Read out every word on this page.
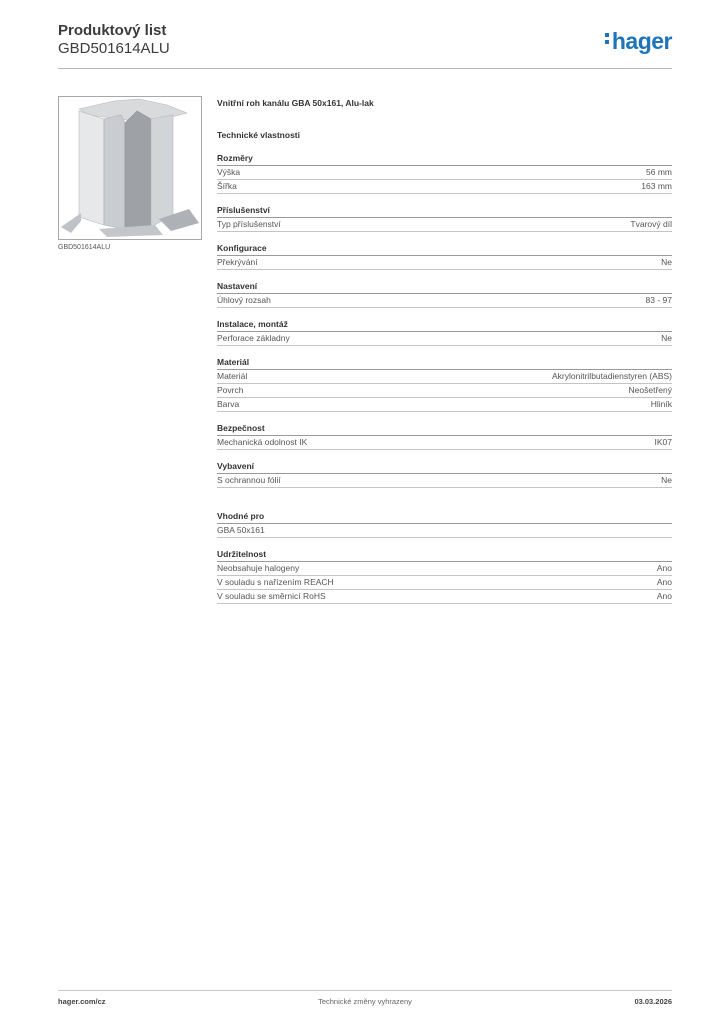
Produktový list
GBD501614ALU	hager
GBD501614ALU
Vnitřní roh kanálu GBA 50x161, Alu-lak
Technické vlastnosti
Rozměry
Výška	56 mm
Šířka	163 mm
Příslušenství
Typ příslušenství	Tvarový díl
Konfigurace
Překrývání	Ne
Nastavení
Úhlový rozsah	83 - 97
Instalace, montáž
Perforace základny	Ne
Materiál
Materiál	Akrylonitrilbutadienstyren (ABS)
Povrch	Neošetřený
Barva	Hliník
Bezpečnost
Mechanická odolnost IK	IK07
Vybavení
S ochrannou fólií	Ne
Vhodné pro
GBA 50x161
Udržitelnost
Neobsahuje halogeny	Ano
V souladu s nařízením REACH	Ano
V souladu se směrnicí RoHS	Ano
Technické změny vyhrazeny
hager.com/cz	03.03.2026
